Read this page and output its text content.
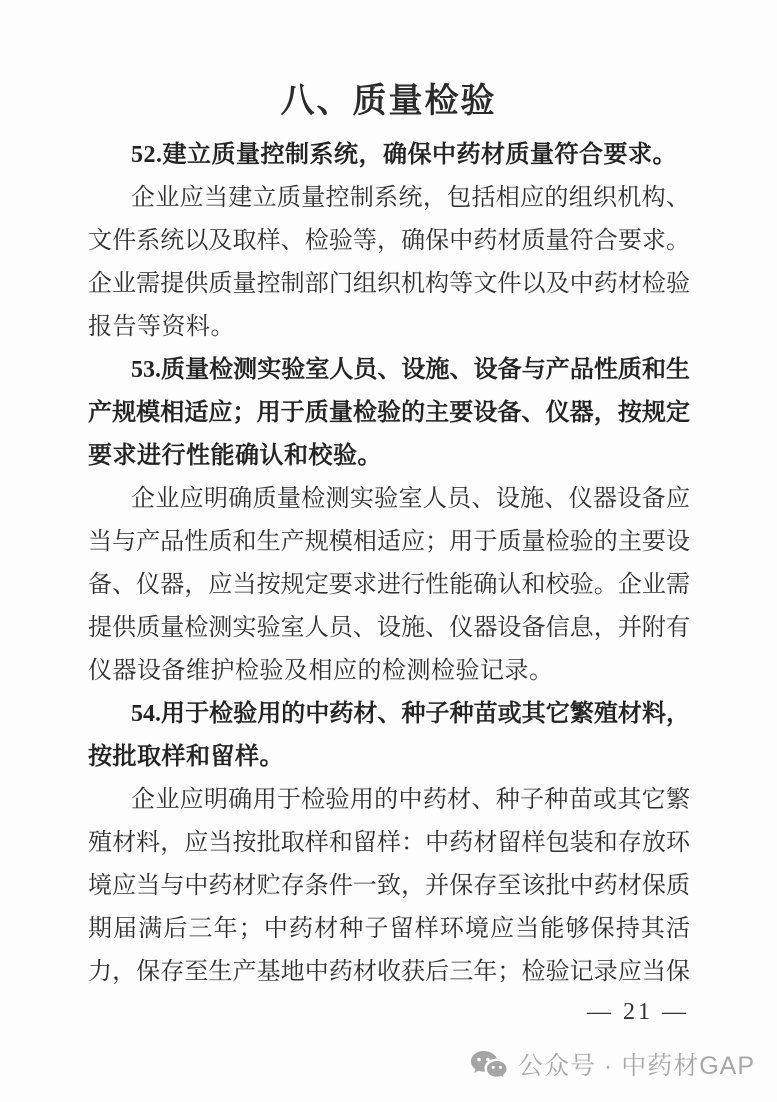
八、质量检验
52.建立质量控制系统，确保中药材质量符合要求。
企业应当建立质量控制系统，包括相应的组织机构、
文件系统以及取样、检验等，确保中药材质量符合要求。
企业需提供质量控制部门组织机构等文件以及中药材检验
报告等资料。
53.质量检测实验室人员、设施、设备与产品性质和生
产规模相适应；用于质量检验的主要设备、仪器，按规定
要求进行性能确认和校验。
企业应明确质量检测实验室人员、设施、仪器设备应
当与产品性质和生产规模相适应；用于质量检验的主要设
备、仪器，应当按规定要求进行性能确认和校验。企业需
提供质量检测实验室人员、设施、仪器设备信息，并附有
仪器设备维护检验及相应的检测检验记录。
54.用于检验用的中药材、种子种苗或其它繁殖材料，
按批取样和留样。
企业应明确用于检验用的中药材、种子种苗或其它繁
殖材料，应当按批取样和留样：中药材留样包装和存放环
境应当与中药材贮存条件一致，并保存至该批中药材保质
期届满后三年；中药材种子留样环境应当能够保持其活
力，保存至生产基地中药材收获后三年；检验记录应当保
— 21 —
公众号 · 中药材GAP
